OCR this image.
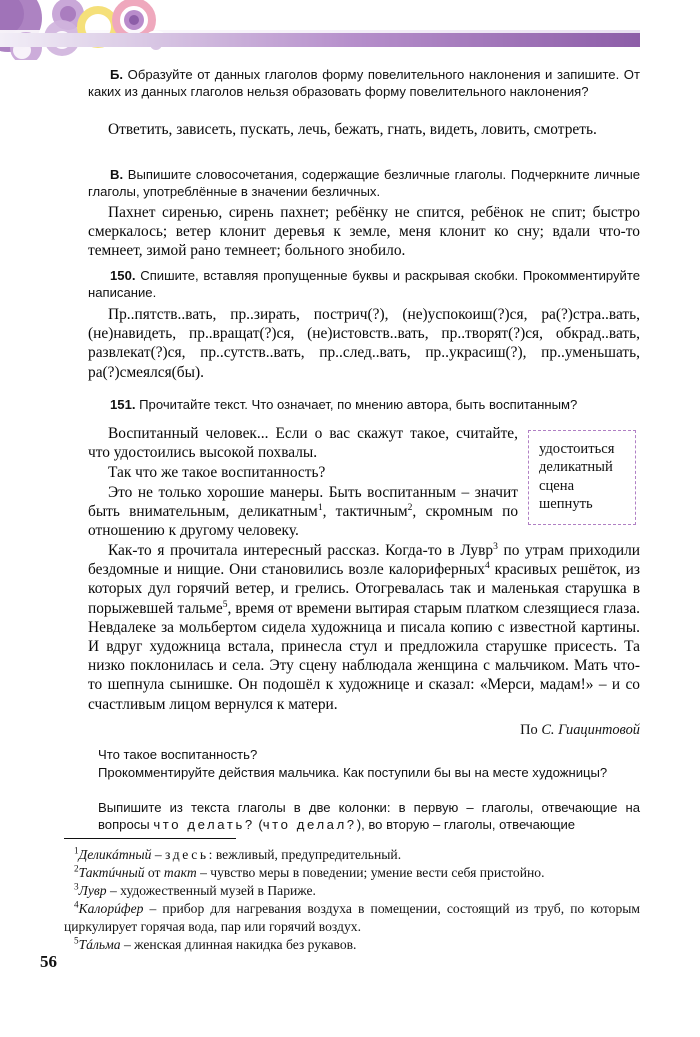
Б. Образуйте от данных глаголов форму повелительного наклонения и запишите. От каких из данных глаголов нельзя образовать форму повелительного наклонения?
Ответить, зависеть, пускать, лечь, бежать, гнать, видеть, ловить, смотреть.
В. Выпишите словосочетания, содержащие безличные глаголы. Подчеркните личные глаголы, употреблённые в значении безличных.
Пахнет сиренью, сирень пахнет; ребёнку не спится, ребёнок не спит; быстро смеркалось; ветер клонит деревья к земле, меня клонит ко сну; вдали что-то темнеет, зимой рано темнеет; больного знобило.
150. Спишите, вставляя пропущенные буквы и раскрывая скобки. Прокомментируйте написание.
Пр..пятств..вать, пр..зирать, пострич(?), (не)успокоиш(?)ся, ра(?)стра..вать, (не)навидеть, пр..вращат(?)ся, (не)истовств..вать, пр..творят(?)ся, обкрад..вать, развлекат(?)ся, пр..сутств..вать, пр..след..вать, пр..украсиш(?), пр..уменьшать, ра(?)смеялся(бы).
151. Прочитайте текст. Что означает, по мнению автора, быть воспитанным?
Воспитанный человек... Если о вас скажут такое, считайте, что удостоились высокой похвалы.
Так что же такое воспитанность?
Это не только хорошие манеры. Быть воспитанным – значит быть внимательным, деликатным$^1$, тактичным$^2$, скромным по отношению к другому человеку.
Как-то я прочитала интересный рассказ. Когда-то в Лувр$^3$ по утрам приходили бездомные и нищие. Они становились возле калориферных$^4$ красивых решёток, из которых дул горячий ветер, и грелись. Отогревалась так и маленькая старушка в порыжевшей тальме$^5$, время от времени вытирая старым платком слезящиеся глаза. Невдалеке за мольбертом сидела художница и писала копию с известной картины. И вдруг художница встала, принесла стул и предложила старушке присесть. Та низко поклонилась и села. Эту сцену наблюдала женщина с мальчиком. Мать что-то шепнула сынишке. Он подошёл к художнице и сказал: «Мерси, мадам!» – и со счастливым лицом вернулся к матери.
По С. Гиацинтовой
Что такое воспитанность?
Прокомментируйте действия мальчика. Как поступили бы вы на месте художницы?
Выпишите из текста глаголы в две колонки: в первую – глаголы, отвечающие на вопросы что делать? (что делал?), во вторую – глаголы, отвечающие
удостоиться
деликатный
сцена
шепнуть
$^1$Деликáтный – здесь: вежливый, предупредительный.
$^2$Тактúчный от такт – чувство меры в поведении; умение вести себя пристойно.
$^3$Лувр – художественный музей в Париже.
$^4$Калорúфер – прибор для нагревания воздуха в помещении, состоящий из труб, по которым циркулирует горячая вода, пар или горячий воздух.
$^5$Тáльма – женская длинная накидка без рукавов.
56
